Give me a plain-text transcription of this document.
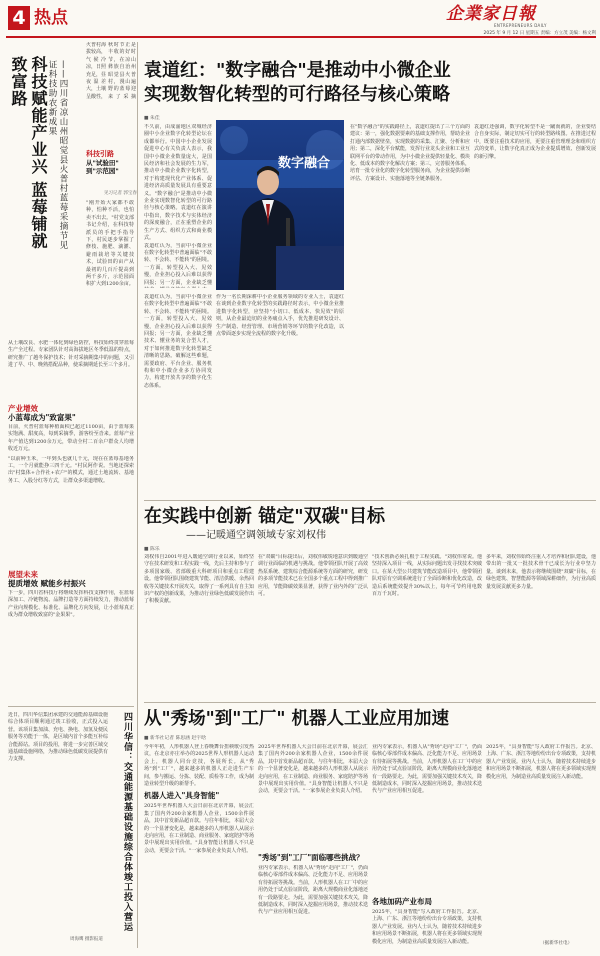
4 热点	企業家日報
ENTREPRENEURS DAILY
2025 年 9 月 12 日 星期五 责编：方立茂 美编：杨文利
秋时节正是丰收的好时节，在凉山彝族自治州昭觉县火普村，漫山遍野的蓝莓迎来了采摘
火普村海拔较高，气候冷凉，日照充足，昼夜温差大，土壤呈酸性，
科技赋能产业兴 蓝莓铺就致富路	——四川省凉山州昭觉县火普村蓝莓采摘节见证科技助农新成果
科技引路
从"试验田"
到"示范园"
见习记者 郭宝春
"刚开始大家都不敢种，怕种不活，也怕卖不出去。"村党支部书记介绍，在科技特派员的手把手指导下，村民逐步掌握了修枝、施肥、滴灌、避雨栽培等关键技术，试验田的亩产从最初的几百斤提高到两千多斤，示范园面积扩大到1200余亩。
从土壤改良、水肥一体化到绿色防控，科技始终贯穿蓝莓生产全过程。专家团队针对高海拔地区冬季低温的特点，研究推广了越冬保护技术；针对采摘期集中的问题，又引进了早、中、晚熟搭配品种，使采摘期延长至三个多月。
产业增效
小蓝莓成为"致富果"
目前，火普村蓝莓种植面积已超过1100亩，由于蓝莓果实饱满、甜度高，每到采摘季，游客纷至沓来。蓝莓产业年产值达到1200余万元，带动全村二百余户群众人均增收近万元。
"以前种玉米，一年到头也就几千元，现在在蓝莓基地务工，一个月就能挣三四千元。"村民阿作说。当地还探索出"村集体+合作社+农户"的模式，通过土地流转、基地务工、入股分红等方式，让群众多渠道增收。
展望未来
提质增效 赋能乡村振兴
下一步，四川省科技厅将继续发挥科技支撑作用，在蓝莓深加工、冷链物流、品牌打造等方面持续发力，推动蓝莓产业向规模化、标准化、品牌化方向发展，让小蓝莓真正成为群众增收致富的"金果果"。
近日，四川华信集团承建的交通能源基础设施综合体项目顺利通过竣工验收，正式投入运营。该项目集加油、充电、换电、加氢及便民服务等功能于一体，是区域内首个多能互补综合能源站。项目的投用，将进一步完善区域交通基础设施网络，为推动绿色低碳发展提供有力支撑。	四川华信：交通能源基础设施综合体竣工投入营运
周海鹰 摄影报道
袁道红："数字融合"是推动中小微企业
实现数智化转型的可行路径与核心策略
■ 朱佳
不久前，由成渝地区双城经济圈中小企业数字化转型论坛在成都举行。中国中小企业发展促进中心有关负责人表示，我国中小微企业数量庞大，是国民经济和社会发展的生力军，推动中小微企业数字化转型，对于构建现代化产业体系、促进经济高质量发展具有重要意义。"数字融合"是推动中小微企业实现数智化转型的可行路径与核心策略。袁道红在演讲中指出，数字技术与实体经济的深度融合，正在重塑企业的生产方式、组织方式和商业模式。
袁道红认为，当前中小微企业在数字化转型中普遍面临"不敢转、不会转、不能转"的困境。一方面，转型投入大、见效慢，企业担心投入后难以获得回报；另一方面，企业缺乏懂
数字融合
作为一名长期深耕中小企业服务领域的专业人士，袁道红在谈到企业数字化转型的实践路径时表示，中小微企业推进数字化转型，应坚持"小切口、低成本、快见效"的原则，从企业最迫切的业务痛点入手，优先推进研发设计、生产制造、经营管理、市场营销等环节的数字化改造，以点带面逐步实现全流程的数字化升级。
在"数字融合"的实践路径上，袁道红提出了三个方面的建议：第一，强化数据要素的基础支撑作用，帮助企业打通内部数据壁垒，实现数据的采集、汇聚、分析和应用；第二，深化平台赋能，发挥行业龙头企业和工业互联网平台的带动作用，为中小微企业提供轻量化、模块化、低成本的数字化解决方案；第三，完善服务体系，培育一批专业化的数字化转型服务商，为企业提供诊断评估、方案设计、实施落地等全链条服务。
袁道红还强调，数字化转型不是一蹴而就的，企业要结合自身实际，制定切实可行的转型路线图。在推进过程中，既要注重技术的应用，更要注重管理理念和组织方式的变革，让数字化真正成为企业提质增效、创新发展的新引擎。
袁道红认为，当前中小微企业在数字化转型中普遍面临"不敢转、不会转、不能转"的困境。一方面，转型投入大、见效慢，企业担心投入后难以获得回报；另一方面，企业缺乏懂技术、懂业务的复合型人才，对于如何推进数字化转型缺乏清晰的思路。破解这些难题，需要政府、平台企业、服务机构和中小微企业多方协同发力，构建开放共享的数字化生态体系。
在实践中创新 锚定"双碳"目标
——记暖通空调领域专家刘权伟
■ 陈乐
刘权伟自2001年进入暖通空调行业以来，始终坚守在技术研发和工程实践一线，先后主持和参与了多项国家级、省部级重大科研项目和重点工程建设。他带领团队围绕建筑节能、清洁供暖、余热回收等关键技术开展攻关，取得了一系列具有自主知识产权的创新成果，为推动行业绿色低碳发展作出了积极贡献。
在"双碳"目标提出后，刘权伟敏锐地意识到暖通空调行业面临的机遇与挑战。他带领团队开展了高效热泵系统、建筑综合能源系统等方面的研究，研发的多项节能技术已在全国多个重点工程中得到推广应用，节能降碳效果显著，获得了业内外的广泛认可。
"技术创新必须扎根于工程实践。"刘权伟常说。他坚持深入项目一线，从实际问题出发寻找技术突破口。在某大型公共建筑节能改造项目中，他带领团队对原有空调系统进行了全面诊断和优化改造，改造后系统能效提升30%以上，每年可节约用电数百万千瓦时。
多年来，刘权伟始终注重人才培养和团队建设，他带出的一批又一批技术骨干已成长为行业中坚力量。谈到未来，他表示将继续围绕"双碳"目标，在绿色建筑、智慧能源等领域深耕细作，为行业高质量发展贡献更多力量。
从"秀场"到"工厂" 机器人工业应用加速
■ 新华社记者 陈思涵 赵宇晗
今年年初，人形机器人登上春晚舞台扭秧歌引发热议，在北京亦庄举办的2025世界人形机器人运动会上，机器人同台竞技，各展所长。从"秀场"到"工厂"，越来越多的机器人正走进生产车间，参与搬运、分拣、装配、质检等工作，成为制造业转型升级的新帮手。
机器人进入"具身智能"
2025年世界机器人大会日前在北京开幕，展会汇集了国内外200余家机器人企业，1500余件展品，其中首发新品超百款。与往年相比，本届大会的一个显著变化是，越来越多的人形机器人从展示走向应用，在工业制造、商业服务、家庭陪护等场景中展现出实用价值。"具身智能让机器人不只是会动，更要会干活。"一家参展企业负责人介绍。
2025年世界机器人大会日前在北京开幕，展会汇集了国内外200余家机器人企业，1500余件展品，其中首发新品超百款。与往年相比，本届大会的一个显著变化是，越来越多的人形机器人从展示走向应用，在工业制造、商业服务、家庭陪护等场景中展现出实用价值。"具身智能让机器人不只是会动，更要会干活。"一家参展企业负责人介绍。
"秀场"到"工厂"面临哪些挑战？
业内专家表示，机器人从"秀场"走向"工厂"，仍面临核心零部件成本偏高、泛化能力不足、应用场景有待拓展等挑战。当前，人形机器人在工厂中的应用仍处于试点验证阶段，距离大规模商业化落地还有一段路要走。为此，需要加强关键技术攻关，降低制造成本，同时深入挖掘应用场景，推动技术迭代与产业应用相互促进。
业内专家表示，机器人从"秀场"走向"工厂"，仍面临核心零部件成本偏高、泛化能力不足、应用场景有待拓展等挑战。当前，人形机器人在工厂中的应用仍处于试点验证阶段，距离大规模商业化落地还有一段路要走。为此，需要加强关键技术攻关，降低制造成本，同时深入挖掘应用场景，推动技术迭代与产业应用相互促进。
各地加码产业布局
2025年，"具身智能"写入政府工作报告。北京、上海、广东、浙江等地纷纷出台专项政策，支持机器人产业发展。业内人士认为，随着技术持续进步和应用场景不断拓展，机器人将在更多领域实现规模化应用，为制造业高质量发展注入新动能。
2025年，"具身智能"写入政府工作报告。北京、上海、广东、浙江等地纷纷出台专项政策，支持机器人产业发展。业内人士认为，随着技术持续进步和应用场景不断拓展，机器人将在更多领域实现规模化应用，为制造业高质量发展注入新动能。
（据新华社电）
